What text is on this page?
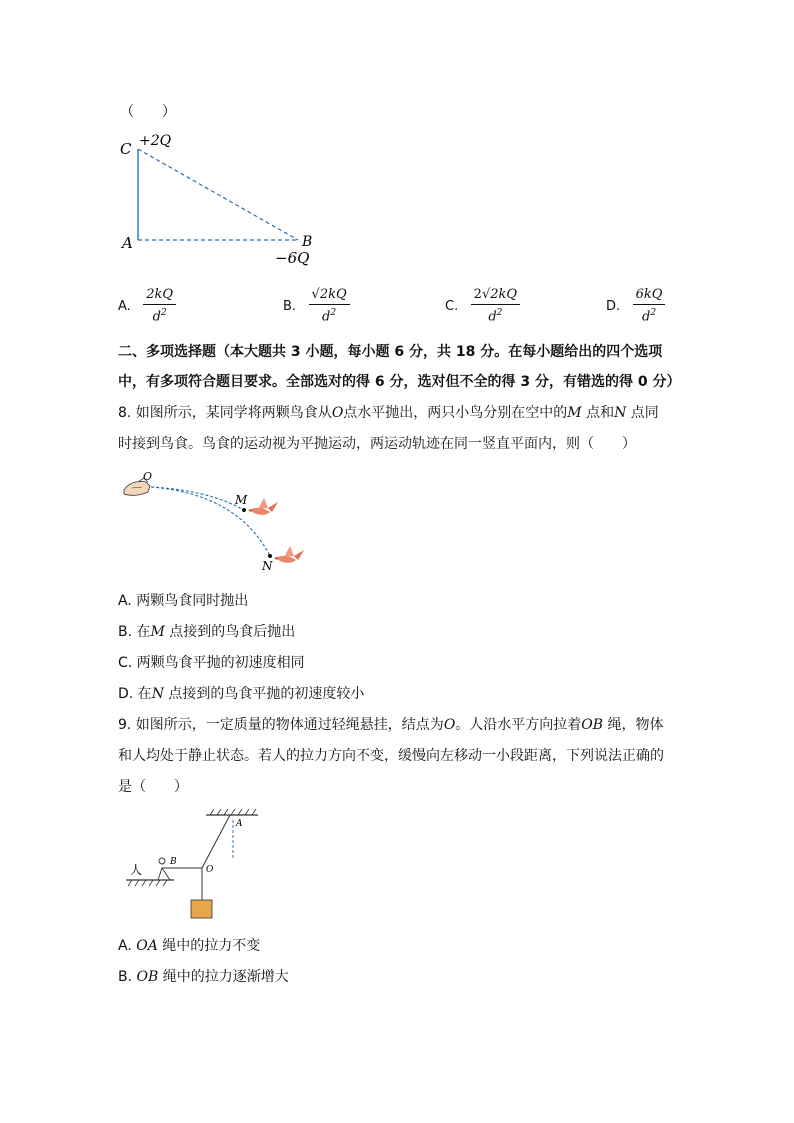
（　　）
C +2Q
A	B
−6Q
A. $\frac{2kQ}{d^2}$	B. $\frac{√2kQ}{d^2}$	C. $\frac{2√2kQ}{d^2}$	D. $\frac{6kQ}{d^2}$
二、多项选择题（本大题共 3 小题，每小题 6 分，共 18 分。在每小题给出的四个选项
中，有多项符合题目要求。全部选对的得 6 分，选对但不全的得 3 分，有错选的得 0 分）
8. 如图所示，某同学将两颗鸟食从O点水平抛出，两只小鸟分别在空中的M 点和N 点同
时接到鸟食。鸟食的运动视为平抛运动，两运动轨迹在同一竖直平面内，则（　　）
O
M
N
A. 两颗鸟食同时抛出
B. 在M 点接到的鸟食后抛出
C. 两颗鸟食平抛的初速度相同
D. 在N 点接到的鸟食平抛的初速度较小
9. 如图所示，一定质量的物体通过轻绳悬挂，结点为O。人沿水平方向拉着OB 绳，物体
和人均处于静止状态。若人的拉力方向不变，缓慢向左移动一小段距离，下列说法正确的
是（　　）
人
B
O
A
A. OA 绳中的拉力不变
B. OB 绳中的拉力逐渐增大
